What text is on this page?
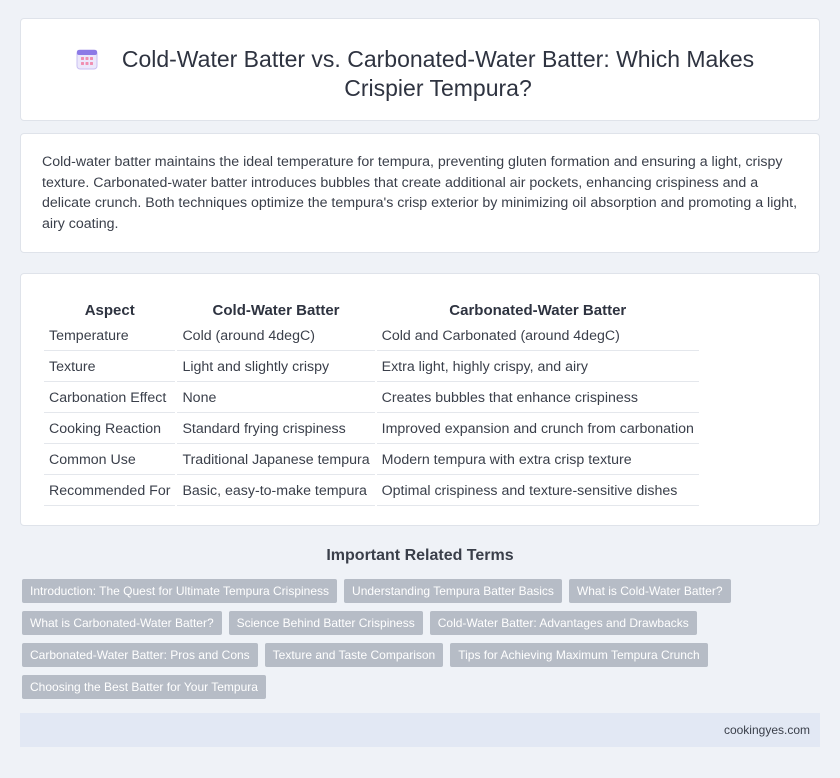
Cold-Water Batter vs. Carbonated-Water Batter: Which Makes Crispier Tempura?

Cold-water batter maintains the ideal temperature for tempura, preventing gluten formation and ensuring a light, crispy texture. Carbonated-water batter introduces bubbles that create additional air pockets, enhancing crispiness and a delicate crunch. Both techniques optimize the tempura's crisp exterior by minimizing oil absorption and promoting a light, airy coating.

Aspect	Cold-Water Batter	Carbonated-Water Batter
Temperature	Cold (around 4degC)	Cold and Carbonated (around 4degC)
Texture	Light and slightly crispy	Extra light, highly crispy, and airy
Carbonation Effect	None	Creates bubbles that enhance crispiness
Cooking Reaction	Standard frying crispiness	Improved expansion and crunch from carbonation
Common Use	Traditional Japanese tempura	Modern tempura with extra crisp texture
Recommended For	Basic, easy-to-make tempura	Optimal crispiness and texture-sensitive dishes
Important Related Terms
Introduction: The Quest for Ultimate Tempura Crispiness	Understanding Tempura Batter Basics	What is Cold-Water Batter?
What is Carbonated-Water Batter?	Science Behind Batter Crispiness	Cold-Water Batter: Advantages and Drawbacks
Carbonated-Water Batter: Pros and Cons	Texture and Taste Comparison	Tips for Achieving Maximum Tempura Crunch
Choosing the Best Batter for Your Tempura
cookingyes.com
